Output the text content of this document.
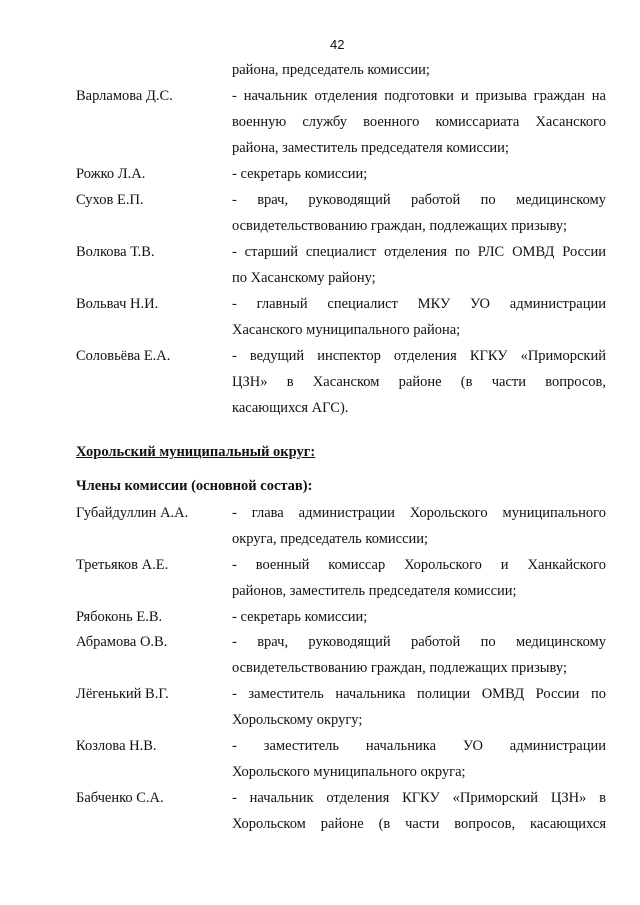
42
района, председатель комиссии;
Варламова Д.С.	- начальник отделения подготовки и призыва граждан на
военную службу военного комиссариата Хасанского
района, заместитель председателя комиссии;
Рожко Л.А.	- секретарь комиссии;
Сухов Е.П.	- врач, руководящий работой по медицинскому
освидетельствованию граждан, подлежащих призыву;
Волкова Т.В.	- старший специалист отделения по РЛС ОМВД России
по Хасанскому району;
Вольвач Н.И.	- главный специалист МКУ УО администрации
Хасанского муниципального района;
Соловьёва Е.А.	- ведущий инспектор отделения КГКУ «Приморский
ЦЗН» в Хасанском районе (в части вопросов,
касающихся АГС).
Хорольский муниципальный округ:
Члены комиссии (основной состав):
Губайдуллин А.А.	- глава администрации Хорольского муниципального
округа, председатель комиссии;
Третьяков А.Е.	- военный комиссар Хорольского и Ханкайского
районов, заместитель председателя комиссии;
Рябоконь Е.В.	- секретарь комиссии;
Абрамова О.В.	- врач, руководящий работой по медицинскому
освидетельствованию граждан, подлежащих призыву;
Лёгенький В.Г.	- заместитель начальника полиции ОМВД России по
Хорольскому округу;
Козлова Н.В.	- заместитель начальника УО администрации
Хорольского муниципального округа;
Бабченко С.А.	- начальник отделения КГКУ «Приморский ЦЗН» в
Хорольском районе (в части вопросов, касающихся
